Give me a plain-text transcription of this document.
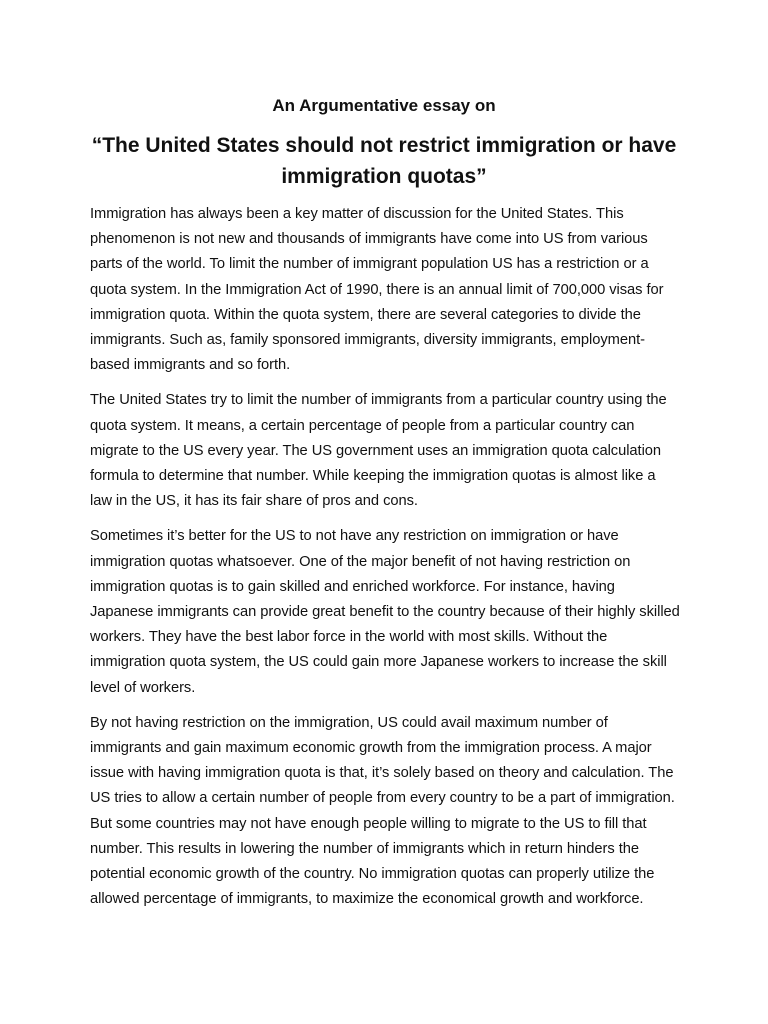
An Argumentative essay on
“The United States should not restrict immigration or have immigration quotas”

Immigration has always been a key matter of discussion for the United States. This phenomenon is not new and thousands of immigrants have come into US from various parts of the world. To limit the number of immigrant population US has a restriction or a quota system. In the Immigration Act of 1990, there is an annual limit of 700,000 visas for immigration quota. Within the quota system, there are several categories to divide the immigrants. Such as, family sponsored immigrants, diversity immigrants, employment-based immigrants and so forth.

The United States try to limit the number of immigrants from a particular country using the quota system. It means, a certain percentage of people from a particular country can migrate to the US every year. The US government uses an immigration quota calculation formula to determine that number. While keeping the immigration quotas is almost like a law in the US, it has its fair share of pros and cons.

Sometimes it’s better for the US to not have any restriction on immigration or have immigration quotas whatsoever. One of the major benefit of not having restriction on immigration quotas is to gain skilled and enriched workforce. For instance, having Japanese immigrants can provide great benefit to the country because of their highly skilled workers. They have the best labor force in the world with most skills. Without the immigration quota system, the US could gain more Japanese workers to increase the skill level of workers.

By not having restriction on the immigration, US could avail maximum number of immigrants and gain maximum economic growth from the immigration process. A major issue with having immigration quota is that, it’s solely based on theory and calculation. The US tries to allow a certain number of people from every country to be a part of immigration. But some countries may not have enough people willing to migrate to the US to fill that number. This results in lowering the number of immigrants which in return hinders the potential economic growth of the country. No immigration quotas can properly utilize the allowed percentage of immigrants, to maximize the economical growth and workforce.
